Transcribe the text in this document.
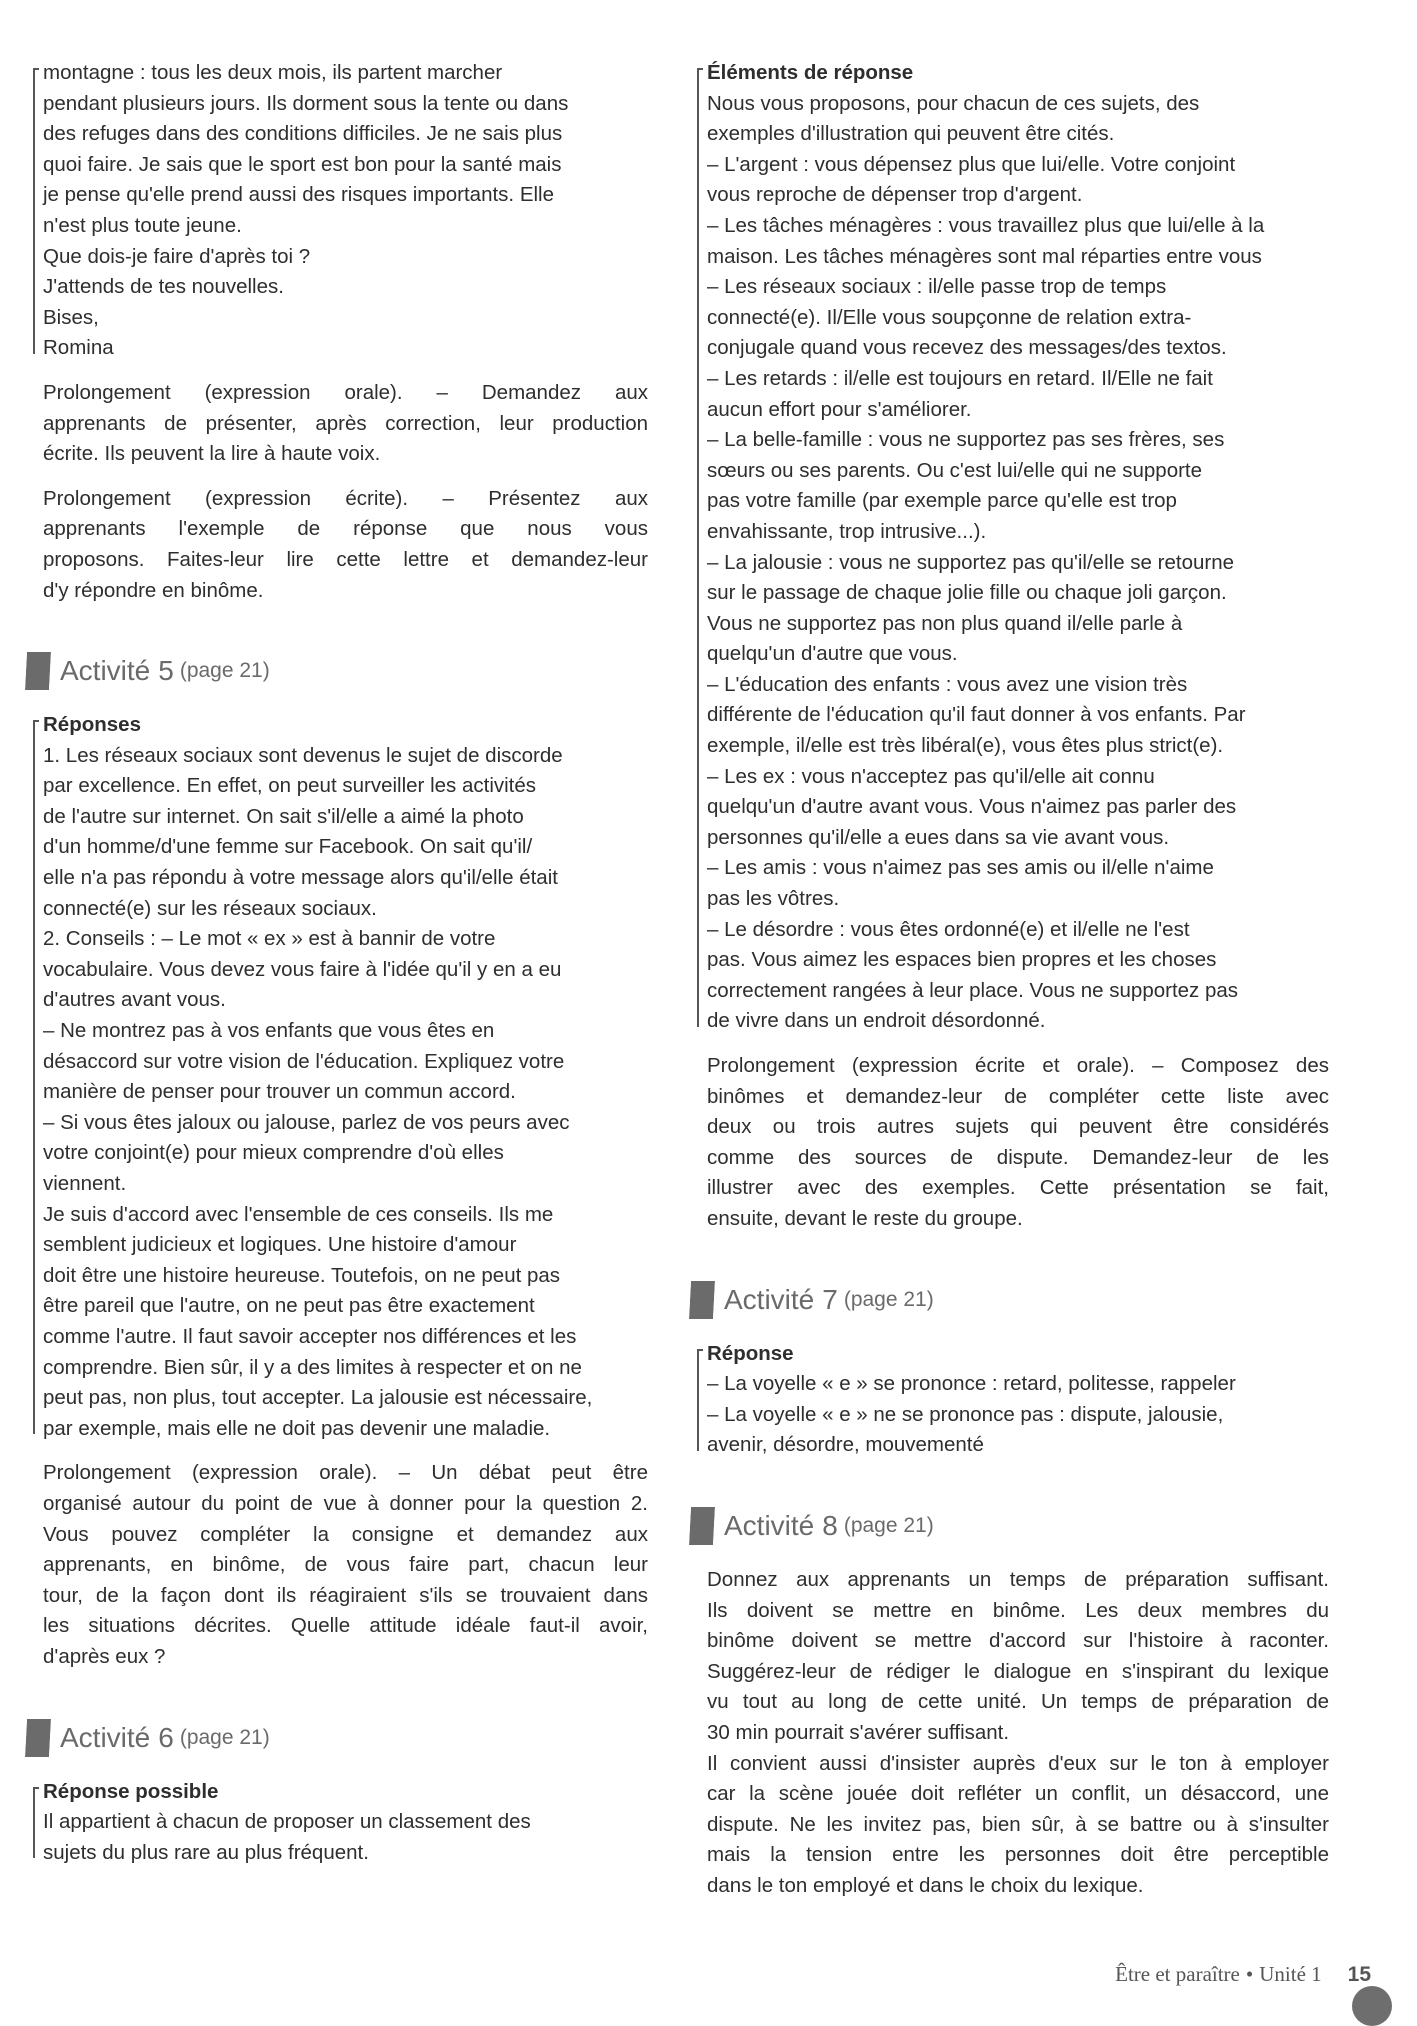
montagne : tous les deux mois, ils partent marcher
pendant plusieurs jours. Ils dorment sous la tente ou dans
des refuges dans des conditions difficiles. Je ne sais plus
quoi faire. Je sais que le sport est bon pour la santé mais
je pense qu'elle prend aussi des risques importants. Elle
n'est plus toute jeune.
Que dois-je faire d'après toi ?
J'attends de tes nouvelles.
Bises,
Romina
Prolongement (expression orale). – Demandez aux
apprenants de présenter, après correction, leur production
écrite. Ils peuvent la lire à haute voix.
Prolongement (expression écrite). – Présentez aux
apprenants l'exemple de réponse que nous vous
proposons. Faites-leur lire cette lettre et demandez-leur
d'y répondre en binôme.
Activité 5 (page 21)
Réponses
1. Les réseaux sociaux sont devenus le sujet de discorde
par excellence. En effet, on peut surveiller les activités
de l'autre sur internet. On sait s'il/elle a aimé la photo
d'un homme/d'une femme sur Facebook. On sait qu'il/
elle n'a pas répondu à votre message alors qu'il/elle était
connecté(e) sur les réseaux sociaux.
2. Conseils : – Le mot « ex » est à bannir de votre
vocabulaire. Vous devez vous faire à l'idée qu'il y en a eu
d'autres avant vous.
– Ne montrez pas à vos enfants que vous êtes en
désaccord sur votre vision de l'éducation. Expliquez votre
manière de penser pour trouver un commun accord.
– Si vous êtes jaloux ou jalouse, parlez de vos peurs avec
votre conjoint(e) pour mieux comprendre d'où elles
viennent.
Je suis d'accord avec l'ensemble de ces conseils. Ils me
semblent judicieux et logiques. Une histoire d'amour
doit être une histoire heureuse. Toutefois, on ne peut pas
être pareil que l'autre, on ne peut pas être exactement
comme l'autre. Il faut savoir accepter nos différences et les
comprendre. Bien sûr, il y a des limites à respecter et on ne
peut pas, non plus, tout accepter. La jalousie est nécessaire,
par exemple, mais elle ne doit pas devenir une maladie.
Prolongement (expression orale). – Un débat peut être
organisé autour du point de vue à donner pour la question 2.
Vous pouvez compléter la consigne et demandez aux
apprenants, en binôme, de vous faire part, chacun leur
tour, de la façon dont ils réagiraient s'ils se trouvaient dans
les situations décrites. Quelle attitude idéale faut-il avoir,
d'après eux ?
Activité 6 (page 21)
Réponse possible
Il appartient à chacun de proposer un classement des
sujets du plus rare au plus fréquent.
Éléments de réponse
Nous vous proposons, pour chacun de ces sujets, des
exemples d'illustration qui peuvent être cités.
– L'argent : vous dépensez plus que lui/elle. Votre conjoint
vous reproche de dépenser trop d'argent.
– Les tâches ménagères : vous travaillez plus que lui/elle à la
maison. Les tâches ménagères sont mal réparties entre vous
– Les réseaux sociaux : il/elle passe trop de temps
connecté(e). Il/Elle vous soupçonne de relation extra-
conjugale quand vous recevez des messages/des textos.
– Les retards : il/elle est toujours en retard. Il/Elle ne fait
aucun effort pour s'améliorer.
– La belle-famille : vous ne supportez pas ses frères, ses
sœurs ou ses parents. Ou c'est lui/elle qui ne supporte
pas votre famille (par exemple parce qu'elle est trop
envahissante, trop intrusive...).
– La jalousie : vous ne supportez pas qu'il/elle se retourne
sur le passage de chaque jolie fille ou chaque joli garçon.
Vous ne supportez pas non plus quand il/elle parle à
quelqu'un d'autre que vous.
– L'éducation des enfants : vous avez une vision très
différente de l'éducation qu'il faut donner à vos enfants. Par
exemple, il/elle est très libéral(e), vous êtes plus strict(e).
– Les ex : vous n'acceptez pas qu'il/elle ait connu
quelqu'un d'autre avant vous. Vous n'aimez pas parler des
personnes qu'il/elle a eues dans sa vie avant vous.
– Les amis : vous n'aimez pas ses amis ou il/elle n'aime
pas les vôtres.
– Le désordre : vous êtes ordonné(e) et il/elle ne l'est
pas. Vous aimez les espaces bien propres et les choses
correctement rangées à leur place. Vous ne supportez pas
de vivre dans un endroit désordonné.
Prolongement (expression écrite et orale). – Composez des
binômes et demandez-leur de compléter cette liste avec
deux ou trois autres sujets qui peuvent être considérés
comme des sources de dispute. Demandez-leur de les
illustrer avec des exemples. Cette présentation se fait,
ensuite, devant le reste du groupe.
Activité 7 (page 21)
Réponse
– La voyelle « e » se prononce : retard, politesse, rappeler
– La voyelle « e » ne se prononce pas : dispute, jalousie,
avenir, désordre, mouvementé
Activité 8 (page 21)
Donnez aux apprenants un temps de préparation suffisant.
Ils doivent se mettre en binôme. Les deux membres du
binôme doivent se mettre d'accord sur l'histoire à raconter.
Suggérez-leur de rédiger le dialogue en s'inspirant du lexique
vu tout au long de cette unité. Un temps de préparation de
30 min pourrait s'avérer suffisant.
Il convient aussi d'insister auprès d'eux sur le ton à employer
car la scène jouée doit refléter un conflit, un désaccord, une
dispute. Ne les invitez pas, bien sûr, à se battre ou à s'insulter
mais la tension entre les personnes doit être perceptible
dans le ton employé et dans le choix du lexique.
Être et paraître • Unité 1 15
